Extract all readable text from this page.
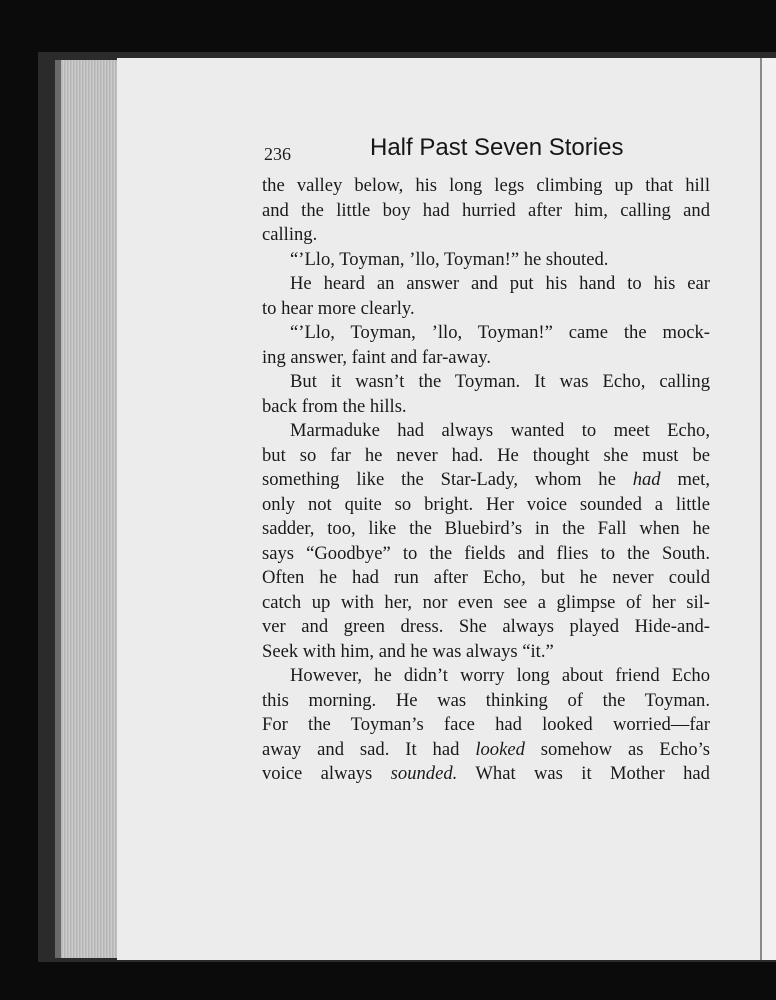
236	Half Past Seven Stories
the valley below, his long legs climbing up that hill
and the little boy had hurried after him, calling and
calling.
“’Llo, Toyman, ’llo, Toyman!” he shouted.
He heard an answer and put his hand to his ear
to hear more clearly.
“’Llo, Toyman, ’llo, Toyman!” came the mock-
ing answer, faint and far-away.
But it wasn’t the Toyman. It was Echo, calling
back from the hills.
Marmaduke had always wanted to meet Echo,
but so far he never had. He thought she must be
something like the Star-Lady, whom he had met,
only not quite so bright. Her voice sounded a little
sadder, too, like the Bluebird’s in the Fall when he
says “Goodbye” to the fields and flies to the South.
Often he had run after Echo, but he never could
catch up with her, nor even see a glimpse of her sil-
ver and green dress. She always played Hide-and-
Seek with him, and he was always “it.”
However, he didn’t worry long about friend Echo
this morning. He was thinking of the Toyman.
For the Toyman’s face had looked worried—far
away and sad. It had looked somehow as Echo’s
voice always sounded. What was it Mother had
